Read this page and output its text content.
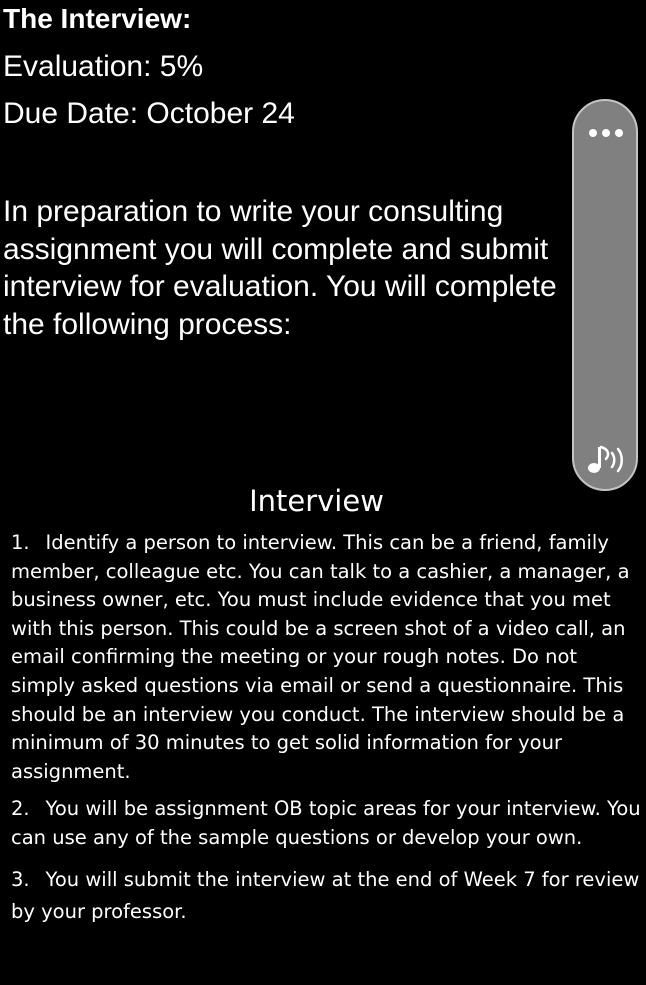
The Interview:
Evaluation: 5%
Due Date: October 24
In preparation to write your consulting
assignment you will complete and submit
interview for evaluation. You will complete
the following process:
Interview
1.  Identify a person to interview. This can be a friend, family
member, colleague etc. You can talk to a cashier, a manager, a
business owner, etc. You must include evidence that you met
with this person. This could be a screen shot of a video call, an
email confirming the meeting or your rough notes. Do not
simply asked questions via email or send a questionnaire. This
should be an interview you conduct. The interview should be a
minimum of 30 minutes to get solid information for your
assignment.
2.  You will be assignment OB topic areas for your interview. You
can use any of the sample questions or develop your own.
3.  You will submit the interview at the end of Week 7 for review
by your professor.
